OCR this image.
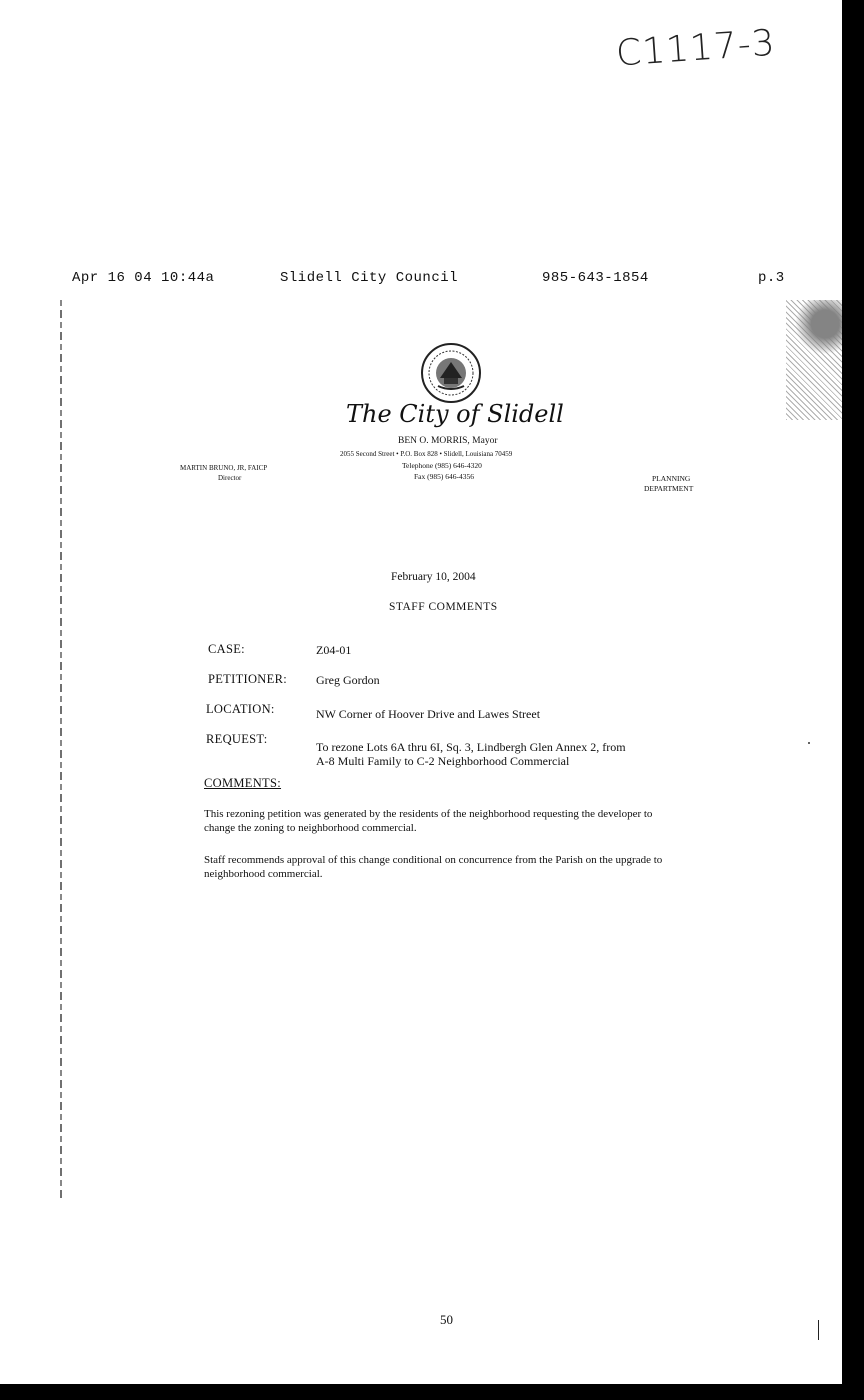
C1117-3
Apr 16 04 10:44a	Slidell City Council	985-643-1854	p.3
The City of Slidell
BEN O. MORRIS, Mayor
2055 Second Street • P.O. Box 828 • Slidell, Louisiana 70459
Telephone (985) 646-4320
Fax (985) 646-4356
MARTIN BRUNO, JR, FAICP
Director	PLANNING
DEPARTMENT
February 10, 2004
STAFF COMMENTS
CASE:	Z04-01
PETITIONER: Greg Gordon
LOCATION:	NW Corner of Hoover Drive and Lawes Street
REQUEST:
To rezone Lots 6A thru 6I, Sq. 3, Lindbergh Glen Annex 2, from
A-8 Multi Family to C-2 Neighborhood Commercial
COMMENTS:
This rezoning petition was generated by the residents of the neighborhood requesting the developer to change the zoning to neighborhood commercial.
Staff recommends approval of this change conditional on concurrence from the Parish on the upgrade to neighborhood commercial.
50
